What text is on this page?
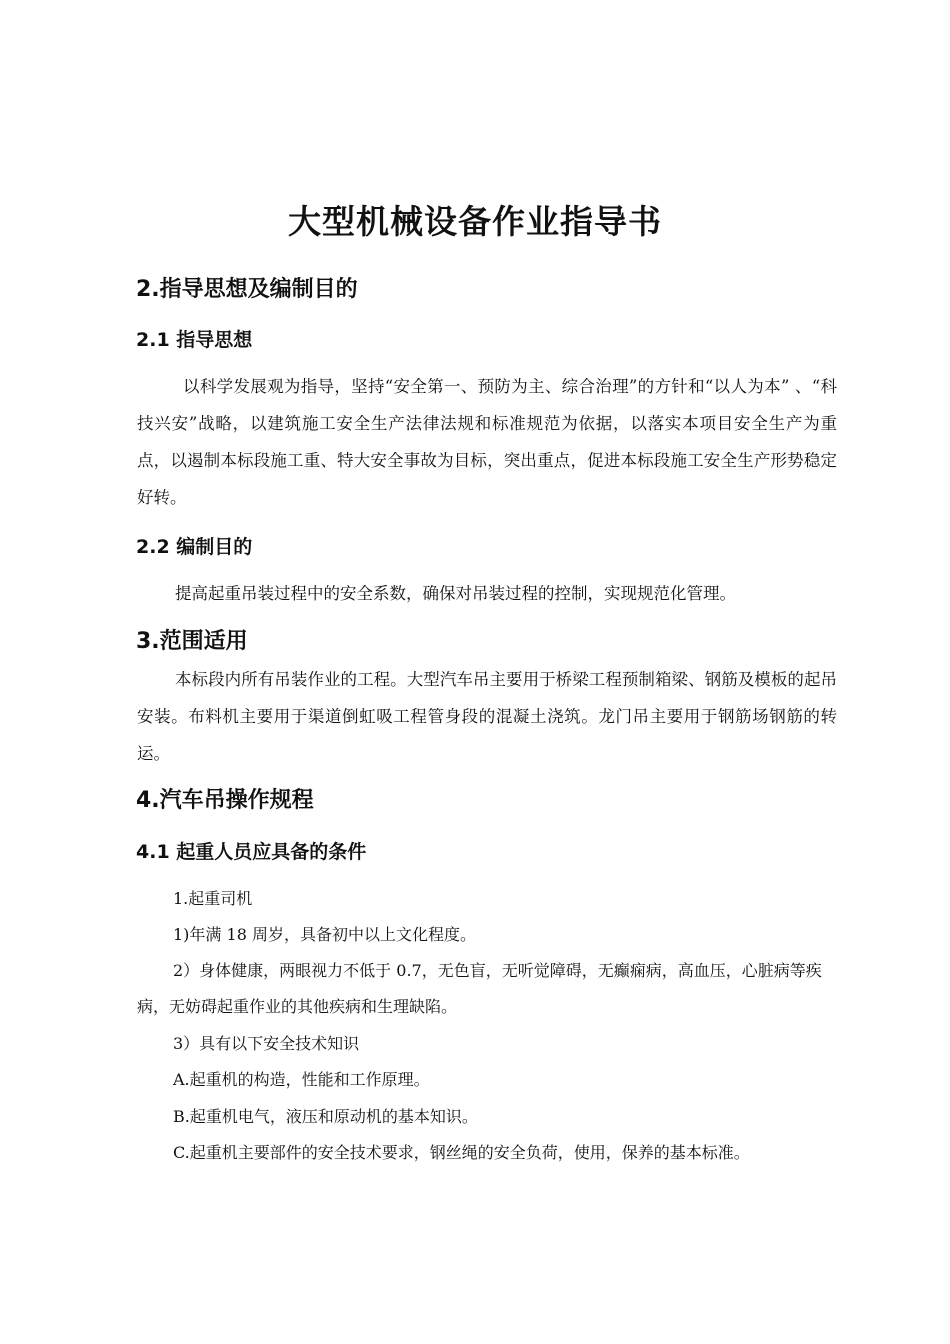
大型机械设备作业指导书
2.指导思想及编制目的
2.1 指导思想

以科学发展观为指导，坚持“安全第一、预防为主、综合治理”的方针和“以人为本” 、“科技兴安”战略，以建筑施工安全生产法律法规和标准规范为依据，以落实本项目安全生产为重点，以遏制本标段施工重、特大安全事故为目标，突出重点，促进本标段施工安全生产形势稳定好转。

2.2 编制目的

提高起重吊装过程中的安全系数，确保对吊装过程的控制，实现规范化管理。

3.范围适用

本标段内所有吊装作业的工程。大型汽车吊主要用于桥梁工程预制箱梁、钢筋及模板的起吊安装。布料机主要用于渠道倒虹吸工程管身段的混凝土浇筑。龙门吊主要用于钢筋场钢筋的转运。

4.汽车吊操作规程
4.1 起重人员应具备的条件

1.起重司机

1)年满 18 周岁，具备初中以上文化程度。

2）身体健康，两眼视力不低于 0.7，无色盲，无听觉障碍，无癫痫病，高血压，心脏病等疾病，无妨碍起重作业的其他疾病和生理缺陷。

3）具有以下安全技术知识

A.起重机的构造，性能和工作原理。

B.起重机电气，液压和原动机的基本知识。

C.起重机主要部件的安全技术要求，钢丝绳的安全负荷，使用，保养的基本标准。
